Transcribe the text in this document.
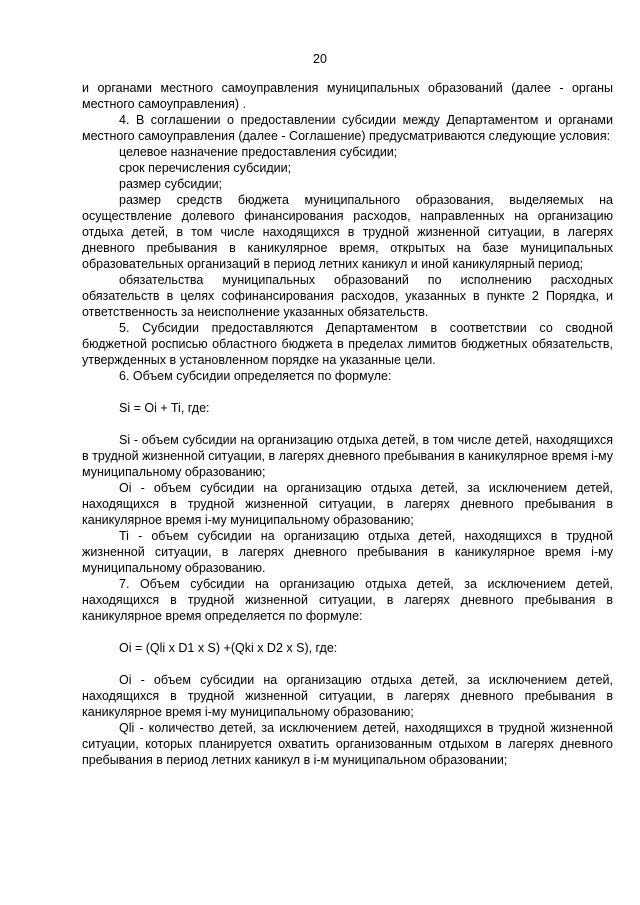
20

и органами местного самоуправления муниципальных образований (далее - органы местного самоуправления) .

4. В соглашении о предоставлении субсидии между Департаментом и органами местного самоуправления (далее - Соглашение) предусматриваются следующие условия:

целевое назначение предоставления субсидии;

срок перечисления субсидии;

размер субсидии;

размер средств бюджета муниципального образования, выделяемых на осуществление долевого финансирования расходов, направленных на организацию отдыха детей, в том числе находящихся в трудной жизненной ситуации, в лагерях дневного пребывания в каникулярное время, открытых на базе муниципальных образовательных организаций в период летних каникул и иной каникулярный период;

обязательства муниципальных образований по исполнению расходных обязательств в целях софинансирования расходов, указанных в пункте 2 Порядка, и ответственность за неисполнение указанных обязательств.

5. Субсидии предоставляются Департаментом в соответствии со сводной бюджетной росписью областного бюджета в пределах лимитов бюджетных обязательств, утвержденных в установленном порядке на указанные цели.

6. Объем субсидии определяется по формуле:

Si = Oi + Ti, где:

Si - объем субсидии на организацию отдыха детей, в том числе детей, находящихся в трудной жизненной ситуации, в лагерях дневного пребывания в каникулярное время i-му муниципальному образованию;

Oi - объем субсидии на организацию отдыха детей, за исключением детей, находящихся в трудной жизненной ситуации, в лагерях дневного пребывания в каникулярное время i-му муниципальному образованию;

Ti - объем субсидии на организацию отдыха детей, находящихся в трудной жизненной ситуации, в лагерях дневного пребывания в каникулярное время i-му муниципальному образованию.

7. Объем субсидии на организацию отдыха детей, за исключением детей, находящихся в трудной жизненной ситуации, в лагерях дневного пребывания в каникулярное время определяется по формуле:

Oi = (Qli x D1 x S) +(Qki x D2 x S), где:

Oi - объем субсидии на организацию отдыха детей, за исключением детей, находящихся в трудной жизненной ситуации, в лагерях дневного пребывания в каникулярное время i-му муниципальному образованию;

Qli - количество детей, за исключением детей, находящихся в трудной жизненной ситуации, которых планируется охватить организованным отдыхом в лагерях дневного пребывания в период летних каникул в i-м муниципальном образовании;
